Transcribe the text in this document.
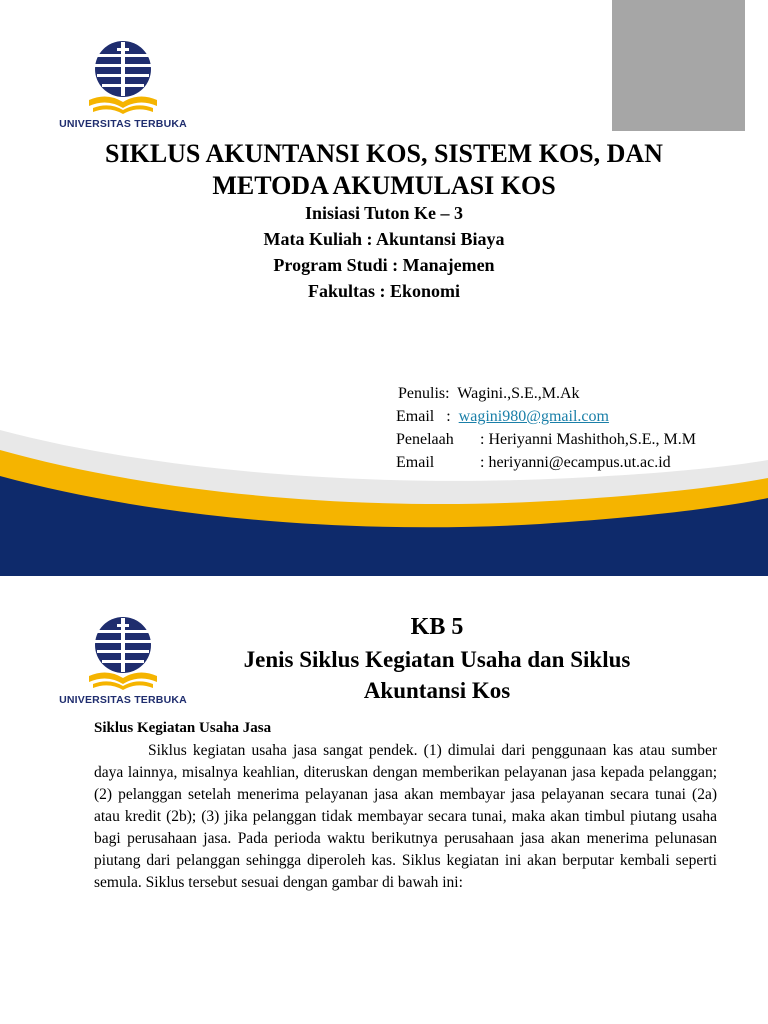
UNIVERSITAS TERBUKA
SIKLUS AKUNTANSI KOS, SISTEM KOS, DAN
METODA AKUMULASI KOS
Inisiasi Tuton Ke – 3
Mata Kuliah : Akuntansi Biaya
Program Studi : Manajemen
Fakultas : Ekonomi
Penulis: Wagini.,S.E.,M.Ak
Email : wagini980@gmail.com
Penelaah : Heriyanni Mashithoh,S.E., M.M
Email	: heriyanni@ecampus.ut.ac.id
UNIVERSITAS TERBUKA
KB 5
Jenis Siklus Kegiatan Usaha dan Siklus
Akuntansi Kos
Siklus Kegiatan Usaha Jasa
Siklus kegiatan usaha jasa sangat pendek. (1) dimulai dari penggunaan kas atau sumber daya lainnya, misalnya keahlian, diteruskan dengan memberikan pelayanan jasa kepada pelanggan; (2) pelanggan setelah menerima pelayanan jasa akan membayar jasa pelayanan secara tunai (2a) atau kredit (2b); (3) jika pelanggan tidak membayar secara tunai, maka akan timbul piutang usaha bagi perusahaan jasa. Pada perioda waktu berikutnya perusahaan jasa akan menerima pelunasan piutang dari pelanggan sehingga diperoleh kas. Siklus kegiatan ini akan berputar kembali seperti semula. Siklus tersebut sesuai dengan gambar di bawah ini:
